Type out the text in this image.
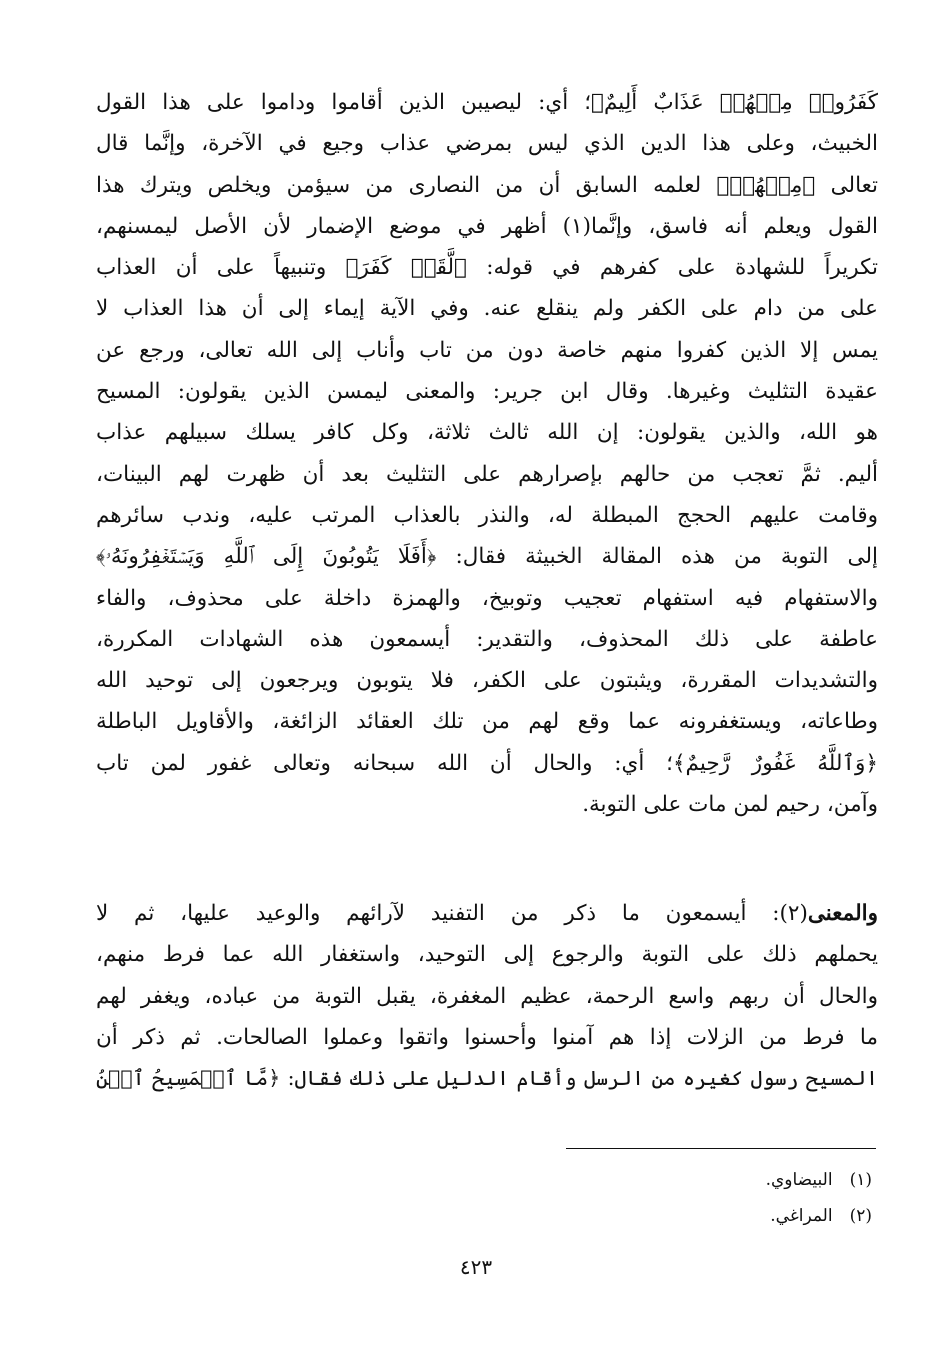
كَفَرُوا۟ مِنۡهُمۡ عَذَابٌ أَلِيمٌ﴾؛ أي: ليصيبن الذين أقاموا وداموا على هذا القول
الخبيث، وعلى هذا الدين الذي ليس بمرضي عذاب وجيع في الآخرة، وإنَّما قال
تعالى ﴿مِنۡهُمۡ﴾ لعلمه السابق أن من النصارى من سيؤمن ويخلص ويترك هذا
القول ويعلم أنه فاسق، وإنَّما(١) أظهر في موضع الإضمار لأن الأصل ليمسنهم،
تكريراً للشهادة على كفرهم في قوله: ﴿لَّقَدۡ كَفَرَ﴾ وتنبيهاً على أن العذاب
على من دام على الكفر ولم ينقلع عنه. وفي الآية إيماء إلى أن هذا العذاب لا
يمس إلا الذين كفروا منهم خاصة دون من تاب وأناب إلى الله تعالى، ورجع عن
عقيدة التثليث وغيرها. وقال ابن جرير: والمعنى ليمسن الذين يقولون: المسيح
هو الله، والذين يقولون: إن الله ثالث ثلاثة، وكل كافر يسلك سبيلهم عذاب
أليم. ثمَّ تعجب من حالهم بإصرارهم على التثليث بعد أن ظهرت لهم البينات،
وقامت عليهم الحجج المبطلة له، والنذر بالعذاب المرتب عليه، وندب سائرهم
إلى التوبة من هذه المقالة الخبيثة فقال: ﴿أَفَلَا يَتُوبُونَ إِلَى ٱللَّهِ وَيَسۡتَغۡفِرُونَهُۥ﴾
والاستفهام فيه استفهام تعجيب وتوبيخ، والهمزة داخلة على محذوف، والفاء
عاطفة على ذلك المحذوف، والتقدير: أيسمعون هذه الشهادات المكررة،
والتشديدات المقررة، ويثبتون على الكفر، فلا يتوبون ويرجعون إلى توحيد الله
وطاعاته، ويستغفرونه عما وقع لهم من تلك العقائد الزائغة، والأقاويل الباطلة
﴿وَٱللَّهُ غَفُورٌ رَّحِيمٌ﴾؛ أي: والحال أن الله سبحانه وتعالى غفور لمن تاب
وآمن، رحيم لمن مات على التوبة.
والمعنى(٢): أيسمعون ما ذكر من التفنيد لآرائهم والوعيد عليها، ثم لا
يحملهم ذلك على التوبة والرجوع إلى التوحيد، واستغفار الله عما فرط منهم،
والحال أن ربهم واسع الرحمة، عظيم المغفرة، يقبل التوبة من عباده، ويغفر لهم
ما فرط من الزلات إذا هم آمنوا وأحسنوا واتقوا وعملوا الصالحات. ثم ذكر أن
المسيح رسول كغيره من الرسل وأقام الدليل على ذلك فقال: ﴿مَّا ٱلۡمَسِيحُ ٱبۡنُ
(١) البيضاوي.
(٢) المراغي.
٤٢٣
